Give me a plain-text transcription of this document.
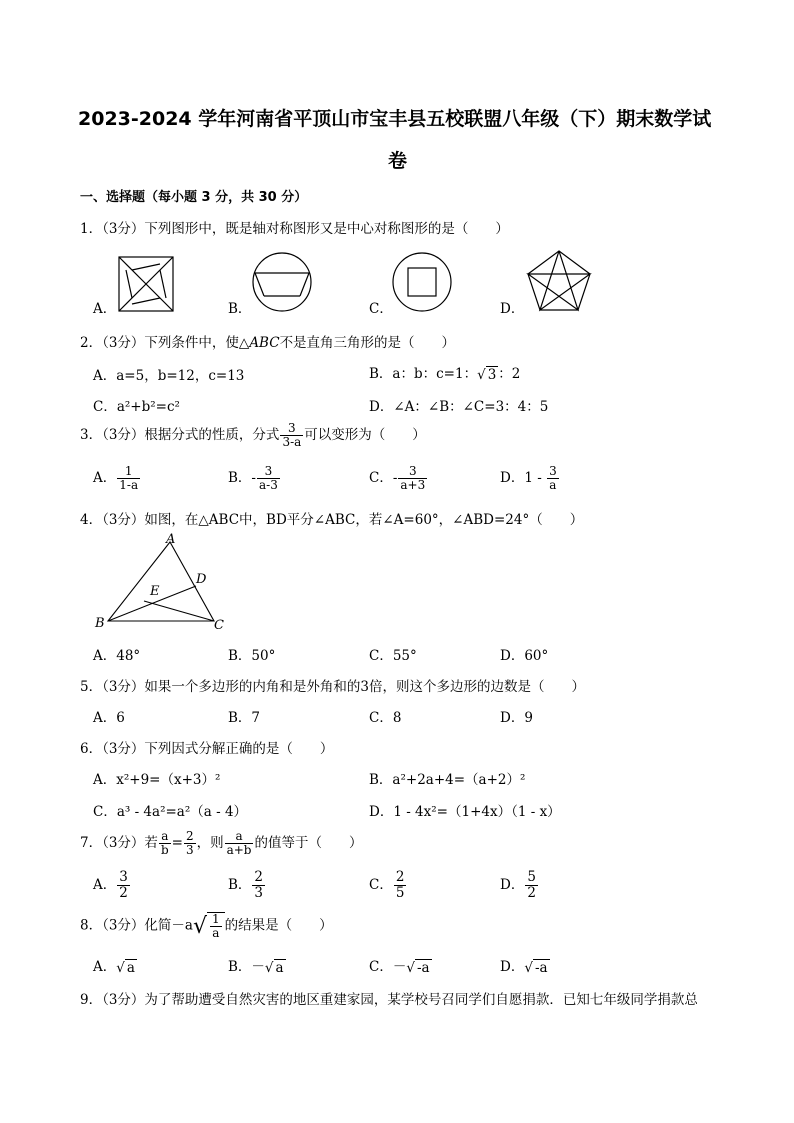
2023-2024 学年河南省平顶山市宝丰县五校联盟八年级（下）期末数学试
卷
一、选择题（每小题 3 分，共 30 分）
1．（3分）下列图形中，既是轴对称图形又是中心对称图形的是（　　）
A．	B．	C．	D．
2．（3分）下列条件中，使△ABC不是直角三角形的是（　　）
A．a=5，b=12，c=13	B．a：b：c=1：√ 3 ：2
C．a²+b²=c²	D．∠A：∠B：∠C=3：4：5
3．（3分）根据分式的性质，分式 $\frac{3}{3-a}$ 可以变形为（　　）
A． $\frac{1}{1-a}$	B．- $\frac{3}{a-3}$	C．- $\frac{3}{a+3}$	D．$1 - \frac{3}{a}$
4．（3分）如图，在△ABC中，BD平分∠ABC，若∠A=60°，∠ABD=24°（　　）
A
D
E
B	C
A．48°	B．50°	C．55°	D．60°
5．（3分）如果一个多边形的内角和是外角和的3倍，则这个多边形的边数是（　　）
A．6	B．7	C．8	D．9
6．（3分）下列因式分解正确的是（　　）
A．x²+9=（x+3）²	B．a²+2a+4=（a+2）²
C．a³ - 4a²=a²（a - 4）	D．1 - 4x²=（1+4x）（1 - x）
7．（3分）若 $\frac{a}{b} = \frac{2}{3}$ ，则 $\frac{a}{a+b}$ 的值等于（　　）
A． $\frac{3}{2}$	B． $\frac{2}{3}$	C． $\frac{2}{5}$	D． $\frac{5}{2}$
8．（3分）化简$-a√ \frac{1}{a}$ 的结果是（　　）
A．√ a	B．－√ a	C．－√ -a	D．√ -a
9．（3分）为了帮助遭受自然灾害的地区重建家园，某学校号召同学们自愿捐款．已知七年级同学捐款总
